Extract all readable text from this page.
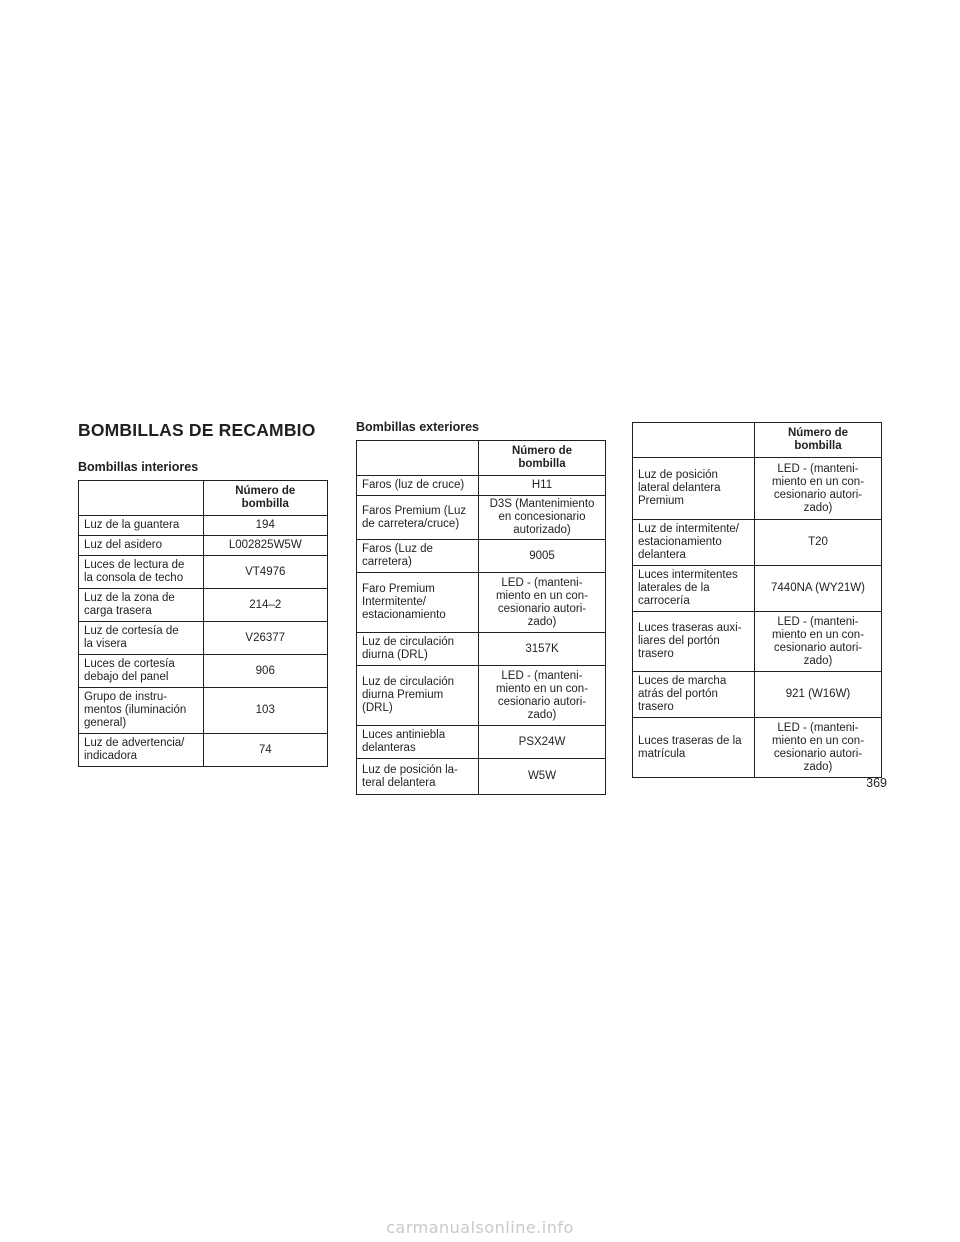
BOMBILLAS DE RECAMBIO
Bombillas interiores
	Número de
bombilla
Luz de la guantera	194
Luz del asidero	L002825W5W
Luces de lectura de
la consola de techo	VT4976
Luz de la zona de
carga trasera	214–2
Luz de cortesía de
la visera	V26377
Luces de cortesía
debajo del panel	906
Grupo de instru-
mentos (iluminación
general)	103
Luz de advertencia/
indicadora	74
Bombillas exteriores
	Número de
bombilla
Faros (luz de cruce)	H11
Faros Premium (Luz
de carretera/cruce)	D3S (Mantenimiento
en concesionario
autorizado)
Faros (Luz de
carretera)	9005
Faro Premium
Intermitente/
estacionamiento	LED - (manteni-
miento en un con-
cesionario autori-
zado)
Luz de circulación
diurna (DRL)	3157K
Luz de circulación
diurna Premium
(DRL)	LED - (manteni-
miento en un con-
cesionario autori-
zado)
Luces antiniebla
delanteras	PSX24W
Luz de posición la-
teral delantera	W5W
	Número de
bombilla
Luz de posición
lateral delantera
Premium	LED - (manteni-
miento en un con-
cesionario autori-
zado)
Luz de intermitente/
estacionamiento
delantera	T20
Luces intermitentes
laterales de la
carrocería	7440NA (WY21W)
Luces traseras auxi-
liares del portón
trasero	LED - (manteni-
miento en un con-
cesionario autori-
zado)
Luces de marcha
atrás del portón
trasero	921 (W16W)
Luces traseras de la
matrícula	LED - (manteni-
miento en un con-
cesionario autori-
zado)
369
carmanualsonline.info
